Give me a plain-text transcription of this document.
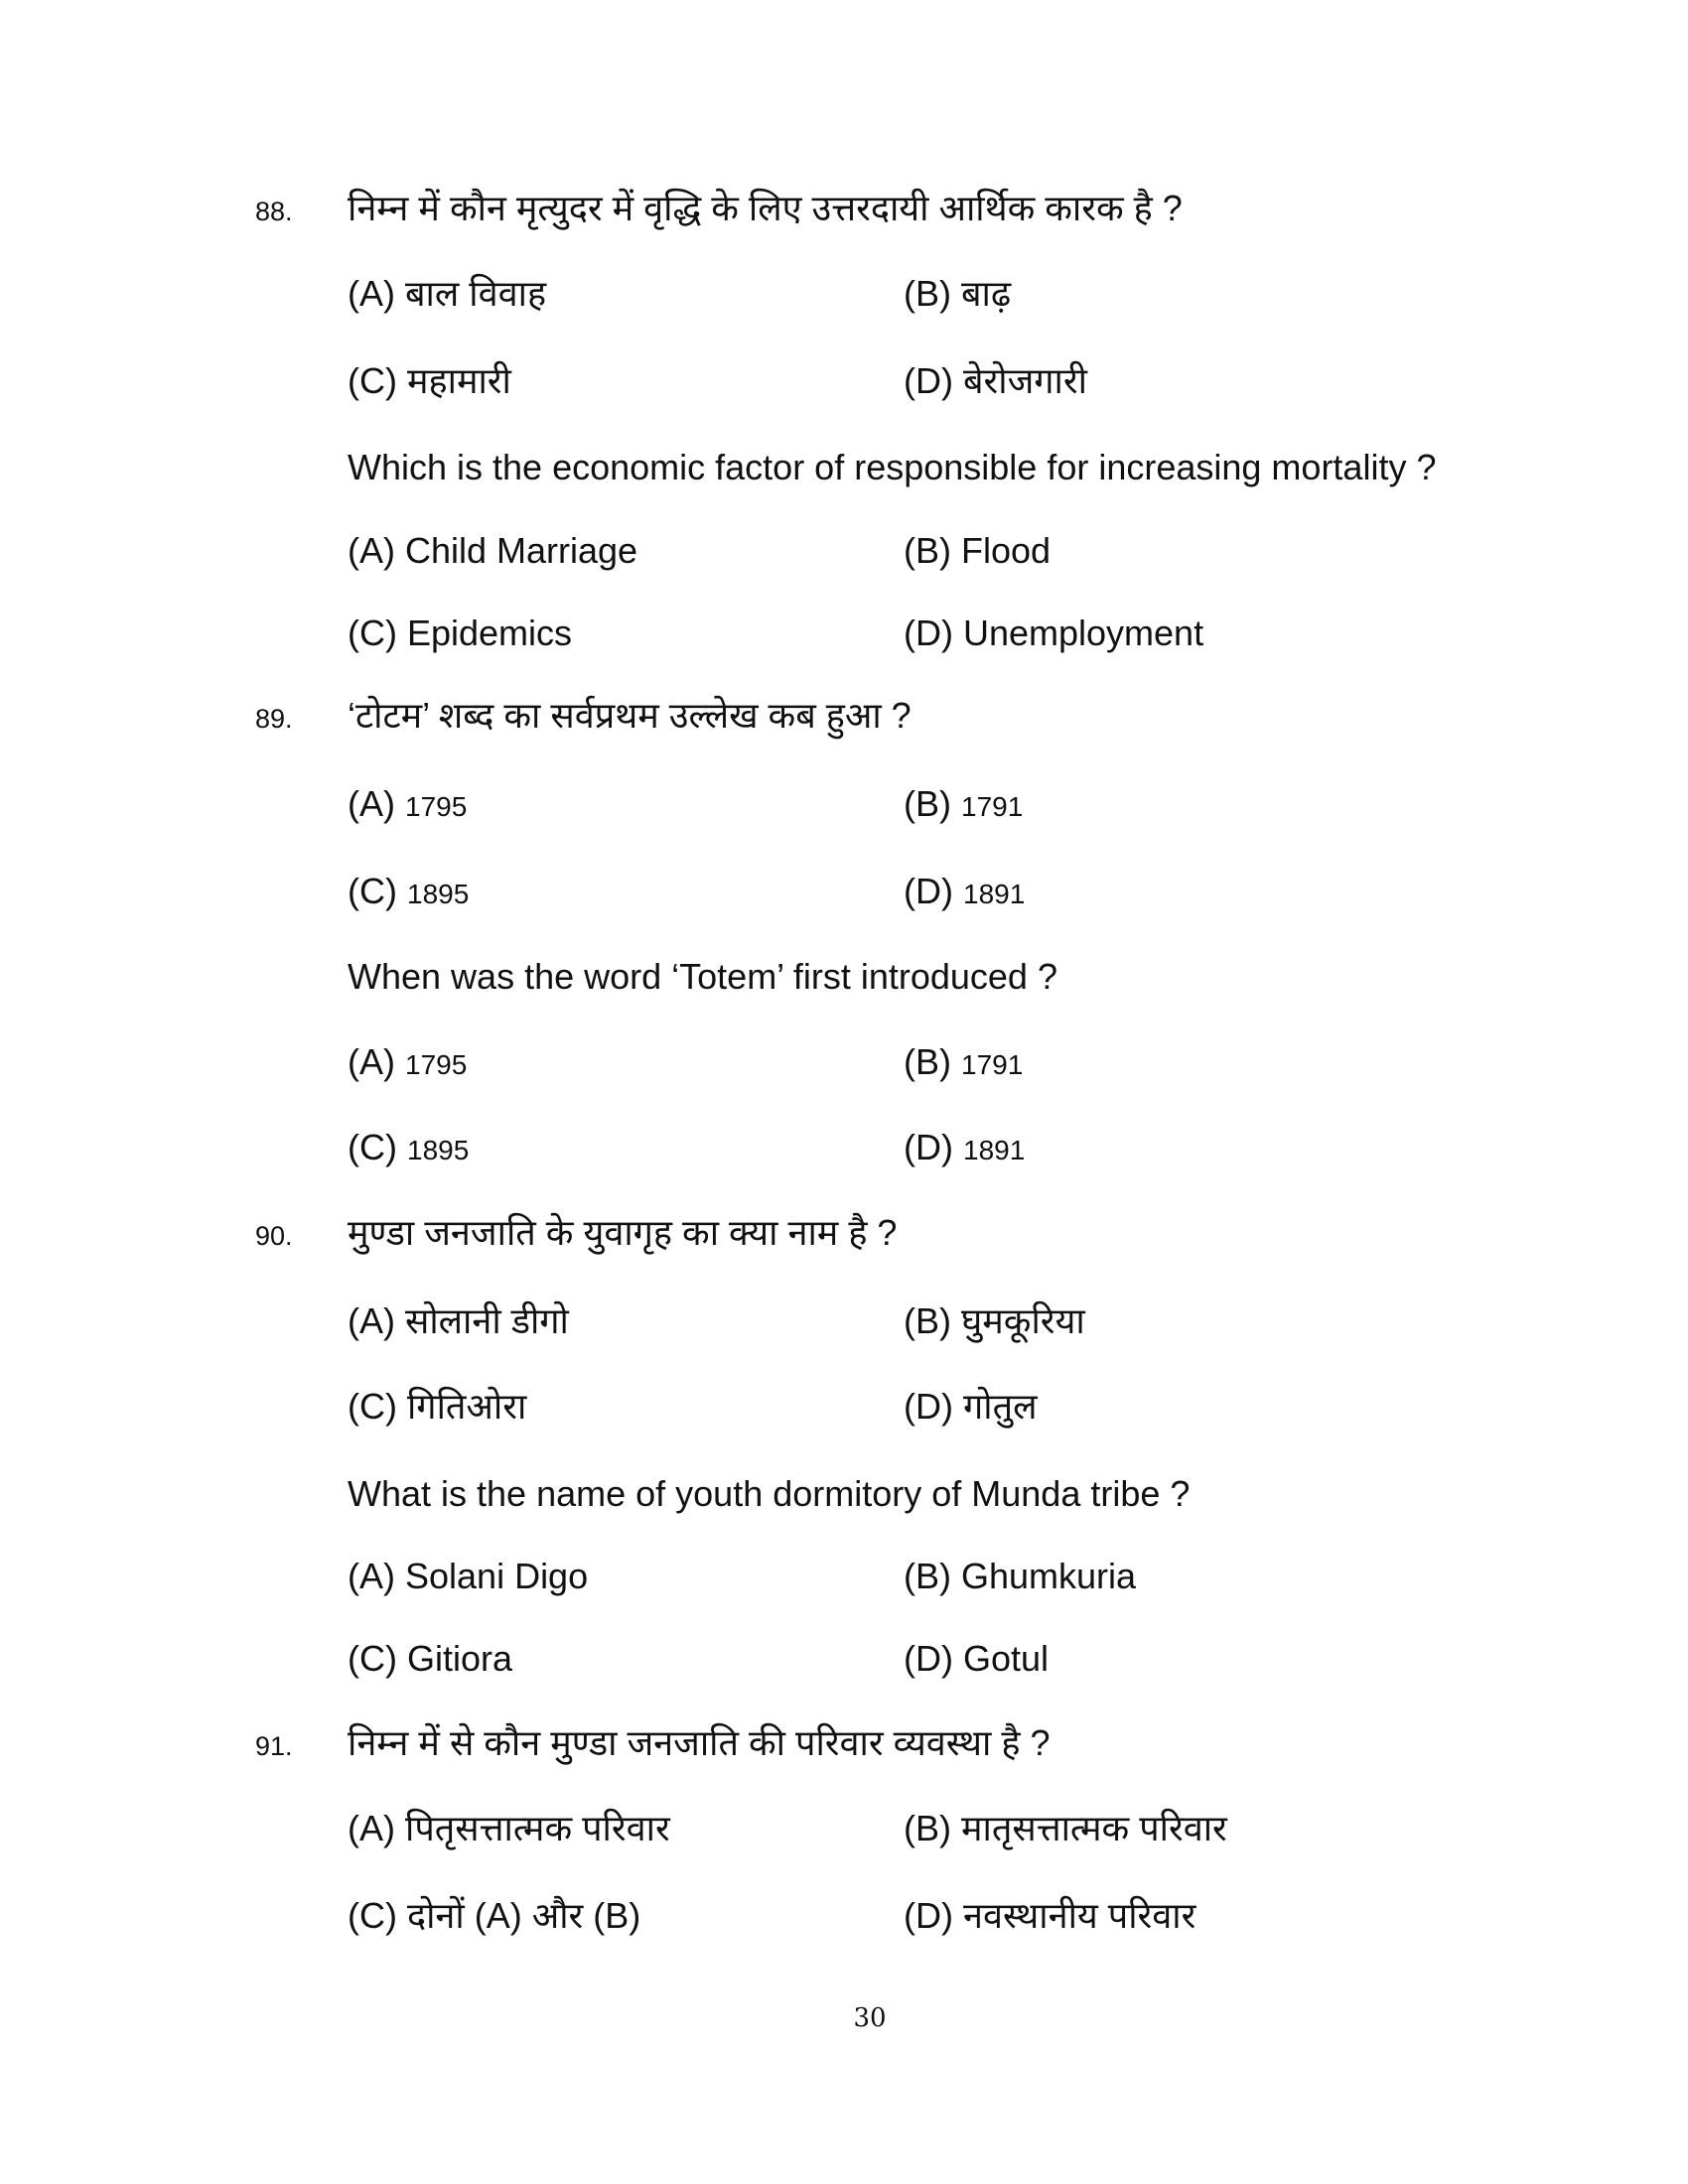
88. निम्न में कौन मृत्युदर में वृद्धि के लिए उत्तरदायी आर्थिक कारक है ?
(A) बाल विवाह	(B) बाढ़
(C) महामारी	(D) बेरोजगारी
Which is the economic factor of responsible for increasing mortality ?
(A) Child Marriage	(B) Flood
(C) Epidemics	(D) Unemployment
89. ‘टोटम’ शब्द का सर्वप्रथम उल्लेख कब हुआ ?
(A) 1795	(B) 1791
(C) 1895	(D) 1891
When was the word ‘Totem’ first introduced ?
(A) 1795	(B) 1791
(C) 1895	(D) 1891
90. मुण्डा जनजाति के युवागृह का क्या नाम है ?
(A) सोलानी डीगो	(B) घुमकूरिया
(C) गितिओरा	(D) गोतुल
What is the name of youth dormitory of Munda tribe ?
(A) Solani Digo	(B) Ghumkuria
(C) Gitiora	(D) Gotul
91. निम्न में से कौन मुण्डा जनजाति की परिवार व्यवस्था है ?
(A) पितृसत्तात्मक परिवार	(B) मातृसत्तात्मक परिवार
(C) दोनों (A) और (B)	(D) नवस्थानीय परिवार
30
